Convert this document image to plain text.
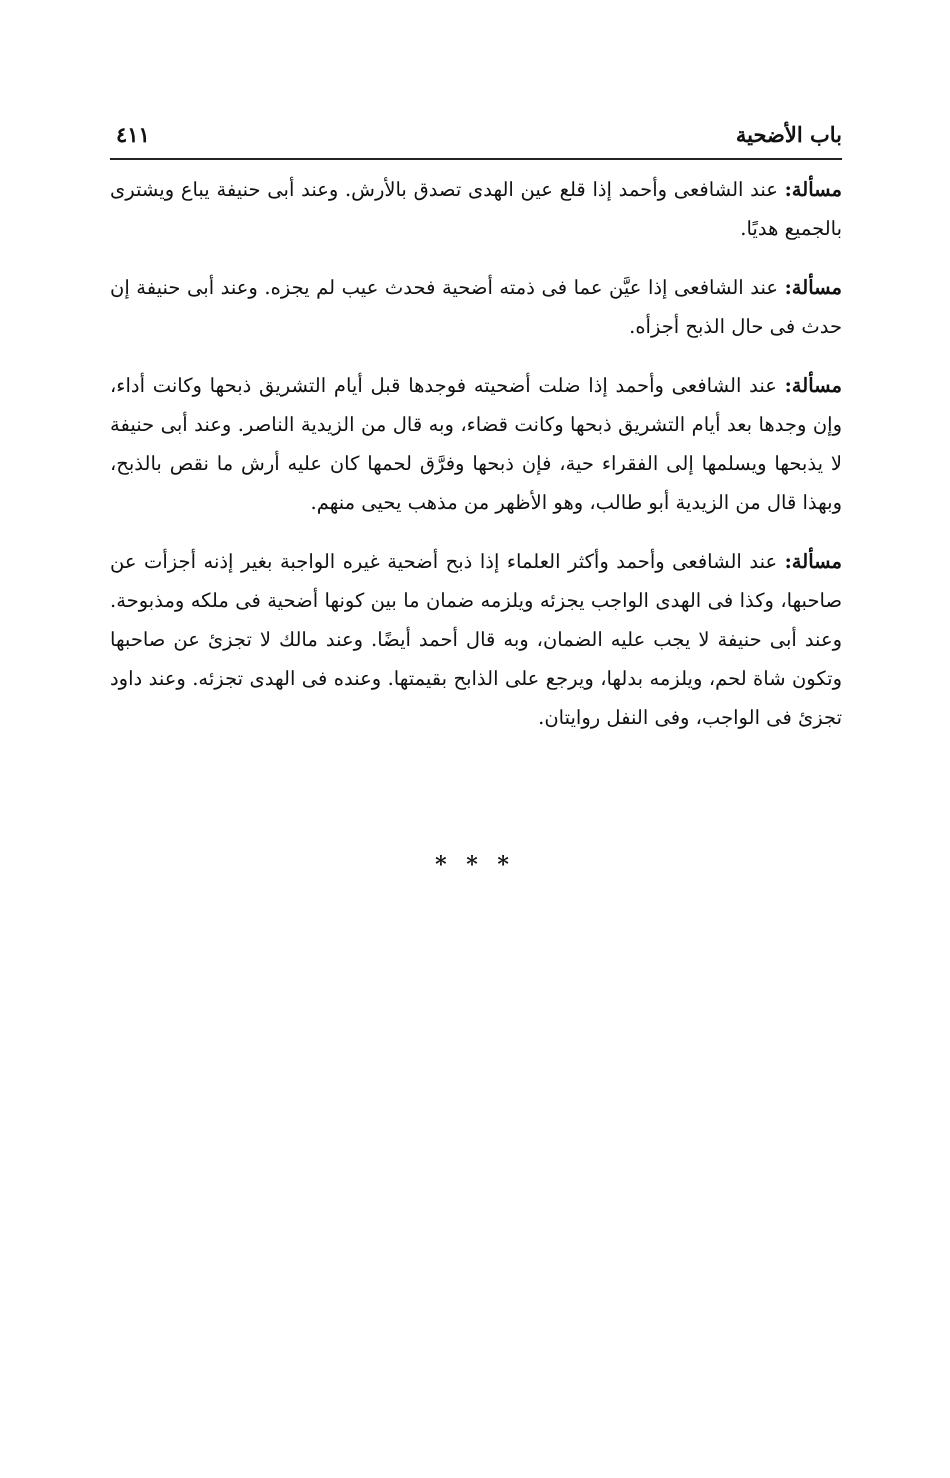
باب الأضحية
٤١١

مسألة: عند الشافعى وأحمد إذا قلع عين الهدى تصدق بالأرش. وعند أبى حنيفة يباع ويشترى بالجميع هديًا.

مسألة: عند الشافعى إذا عيَّن عما فى ذمته أضحية فحدث عيب لم يجزه. وعند أبى حنيفة إن حدث فى حال الذبح أجزأه.

مسألة: عند الشافعى وأحمد إذا ضلت أضحيته فوجدها قبل أيام التشريق ذبحها وكانت أداء، وإن وجدها بعد أيام التشريق ذبحها وكانت قضاء، وبه قال من الزيدية الناصر. وعند أبى حنيفة لا يذبحها ويسلمها إلى الفقراء حية، فإن ذبحها وفرَّق لحمها كان عليه أرش ما نقص بالذبح، وبهذا قال من الزيدية أبو طالب، وهو الأظهر من مذهب يحيى منهم.

مسألة: عند الشافعى وأحمد وأكثر العلماء إذا ذبح أضحية غيره الواجبة بغير إذنه أجزأت عن صاحبها، وكذا فى الهدى الواجب يجزئه ويلزمه ضمان ما بين كونها أضحية فى ملكه ومذبوحة. وعند أبى حنيفة لا يجب عليه الضمان، وبه قال أحمد أيضًا. وعند مالك لا تجزئ عن صاحبها وتكون شاة لحم، ويلزمه بدلها، ويرجع على الذابح بقيمتها. وعنده فى الهدى تجزئه. وعند داود تجزئ فى الواجب، وفى النفل روايتان.

* * *
